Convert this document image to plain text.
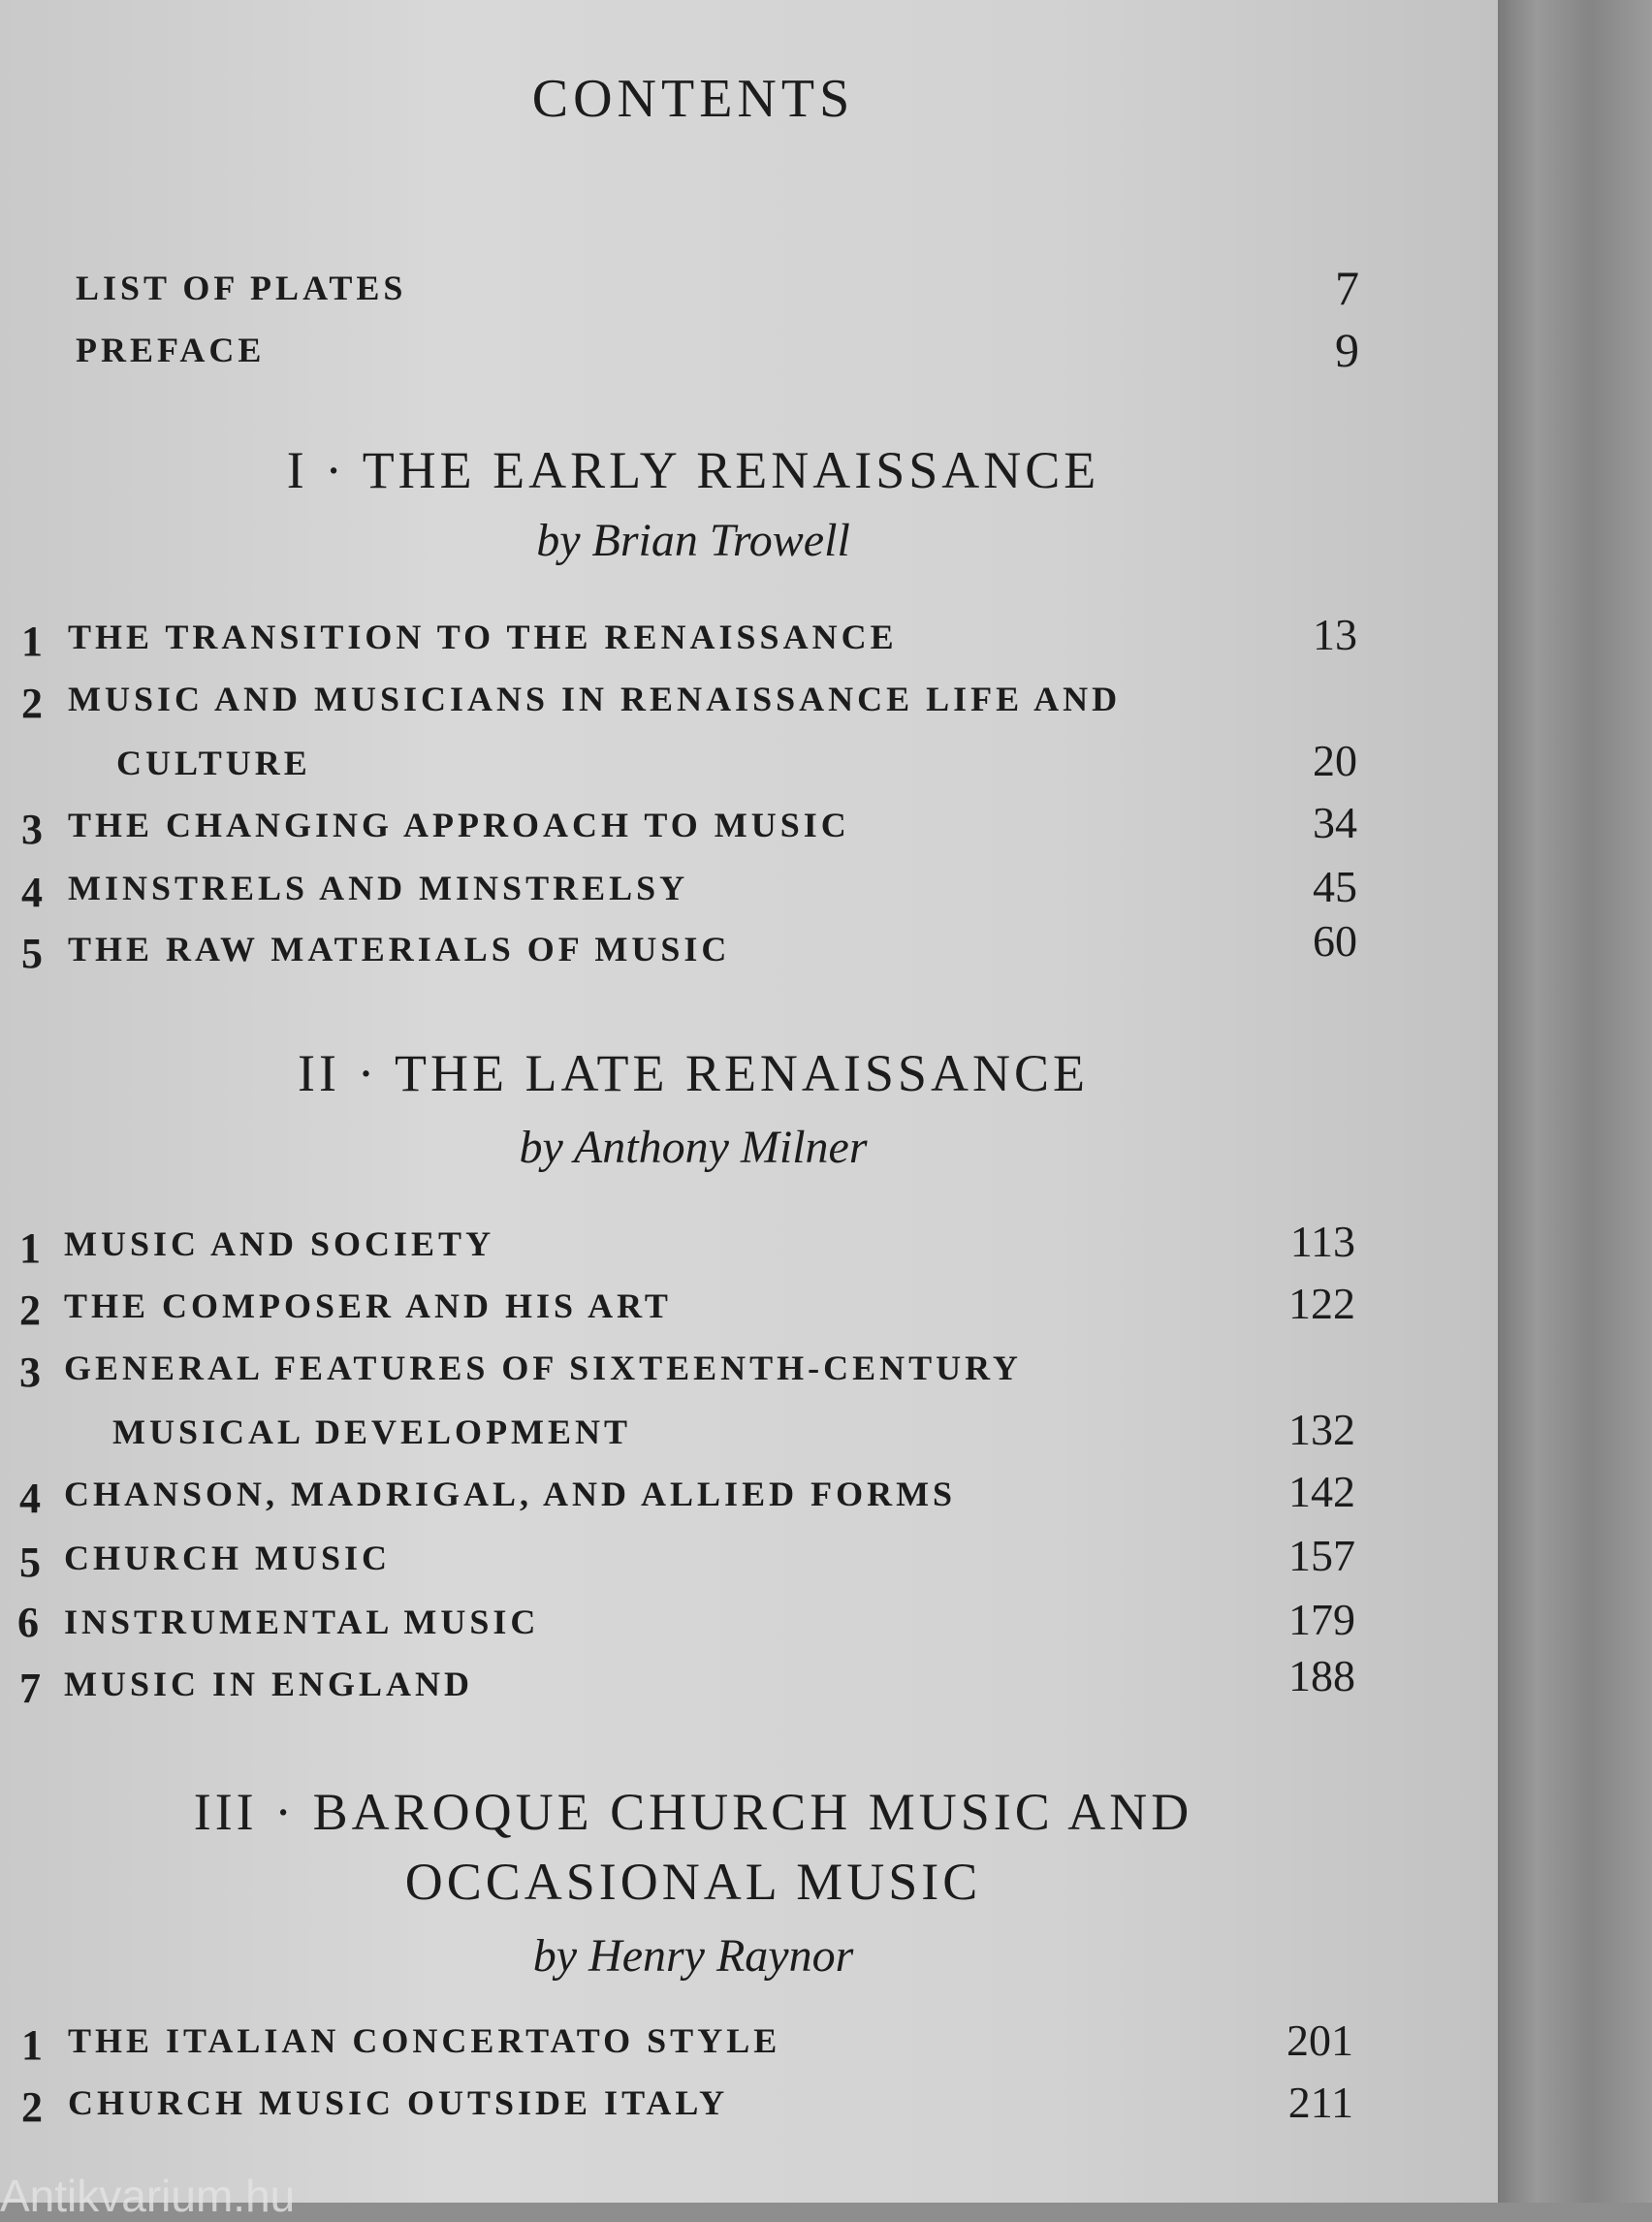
CONTENTS
LIST OF PLATES	7
PREFACE	9
I · THE EARLY RENAISSANCE
by Brian Trowell
1 THE TRANSITION TO THE RENAISSANCE	13
2 MUSIC AND MUSICIANS IN RENAISSANCE LIFE AND
CULTURE	20
3 THE CHANGING APPROACH TO MUSIC	34
4 MINSTRELS AND MINSTRELSY	45
5 THE RAW MATERIALS OF MUSIC	60
II · THE LATE RENAISSANCE
by Anthony Milner
1 MUSIC AND SOCIETY	113
2 THE COMPOSER AND HIS ART	122
3 GENERAL FEATURES OF SIXTEENTH-CENTURY
MUSICAL DEVELOPMENT	132
4 CHANSON, MADRIGAL, AND ALLIED FORMS	142
5 CHURCH MUSIC	157
6 INSTRUMENTAL MUSIC	179
7 MUSIC IN ENGLAND	188
III · BAROQUE CHURCH MUSIC AND
OCCASIONAL MUSIC
by Henry Raynor
1 THE ITALIAN CONCERTATO STYLE	201
2 CHURCH MUSIC OUTSIDE ITALY	211
Antikvarium.hu
